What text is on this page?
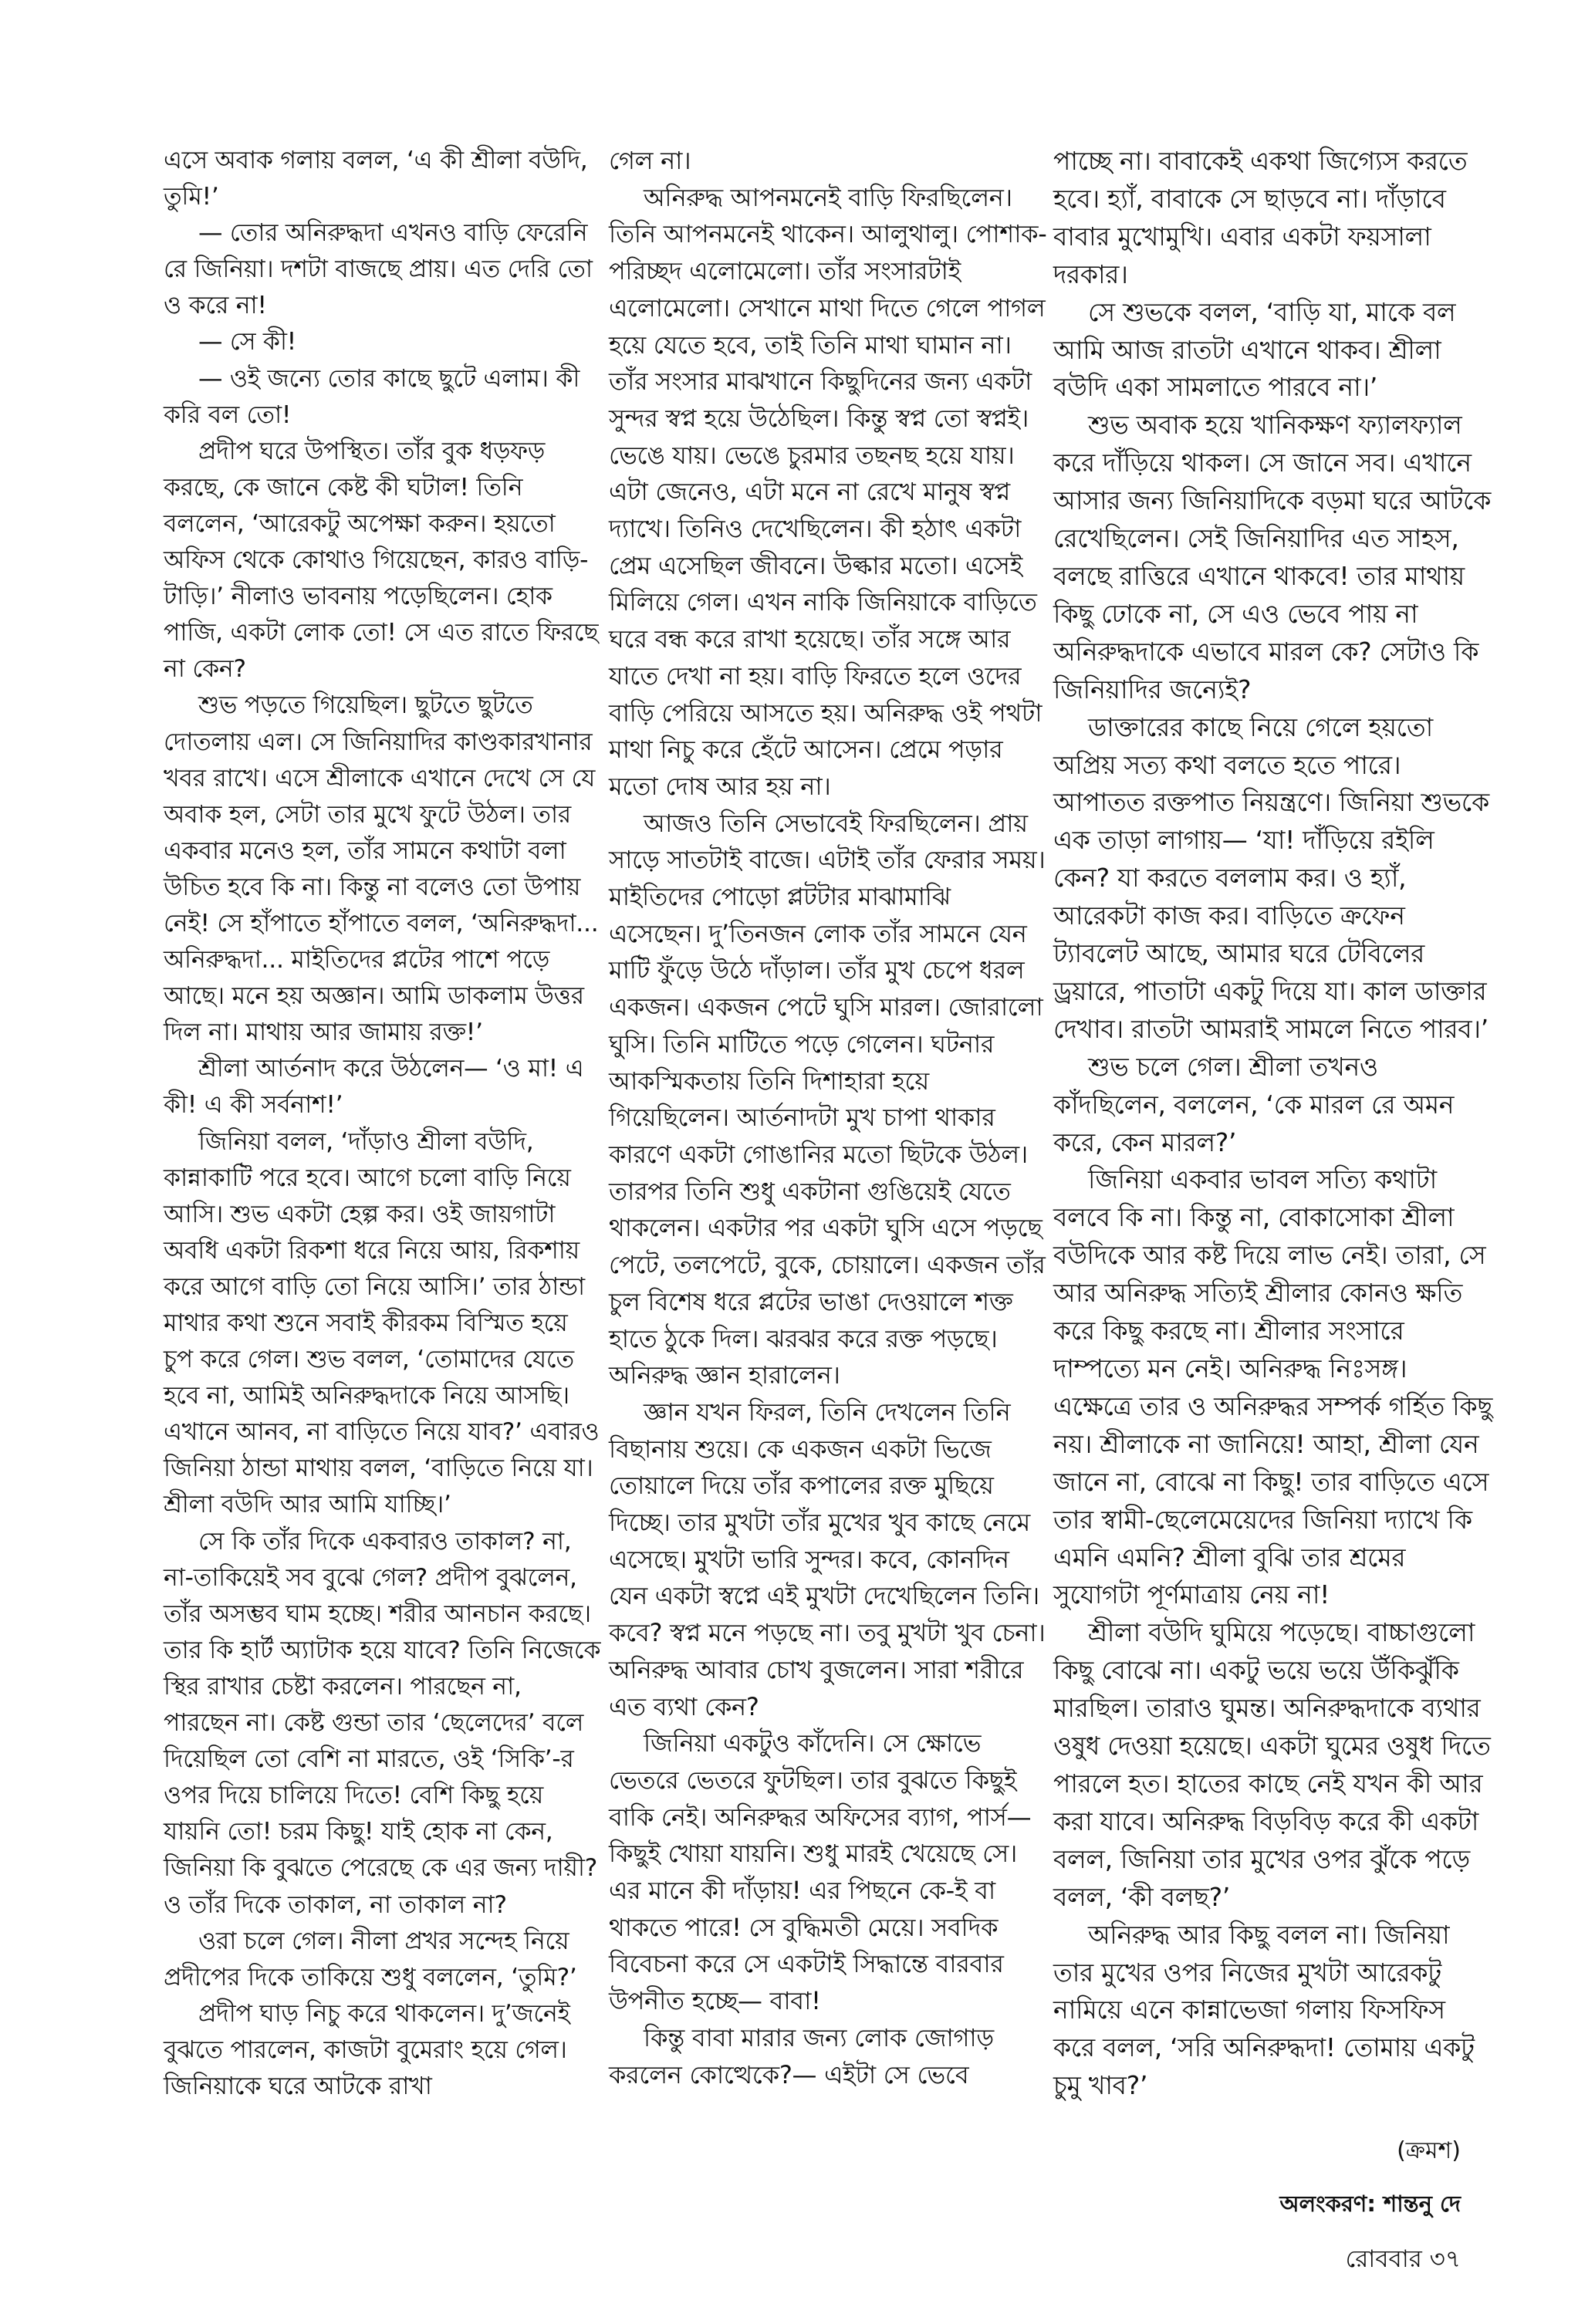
এসে অবাক গলায় বলল, ‘এ কী শ্রীলা বউদি, তুমি!’

— তোর অনিরুদ্ধদা এখনও বাড়ি ফেরেনি রে জিনিয়া। দশটা বাজছে প্রায়। এত দেরি তো ও করে না!

— সে কী!

— ওই জন্যে তোর কাছে ছুটে এলাম। কী করি বল তো!

প্রদীপ ঘরে উপস্থিত। তাঁর বুক ধড়ফড় করছে, কে জানে কেষ্ট কী ঘটাল! তিনি বললেন, ‘আরেকটু অপেক্ষা করুন। হয়তো অফিস থেকে কোথাও গিয়েছেন, কারও বাড়ি-টাড়ি।’ নীলাও ভাবনায় পড়েছিলেন। হোক পাজি, একটা লোক তো! সে এত রাতে ফিরছে না কেন?

শুভ পড়তে গিয়েছিল। ছুটতে ছুটতে দোতলায় এল। সে জিনিয়াদির কাণ্ডকারখানার খবর রাখে। এসে শ্রীলাকে এখানে দেখে সে যে অবাক হল, সেটা তার মুখে ফুটে উঠল। তার একবার মনেও হল, তাঁর সামনে কথাটা বলা উচিত হবে কি না। কিন্তু না বলেও তো উপায় নেই! সে হাঁপাতে হাঁপাতে বলল, ‘অনিরুদ্ধদা... অনিরুদ্ধদা... মাইতিদের প্লটের পাশে পড়ে আছে। মনে হয় অজ্ঞান। আমি ডাকলাম উত্তর দিল না। মাথায় আর জামায় রক্ত!’

শ্রীলা আর্তনাদ করে উঠলেন— ‘ও মা! এ কী! এ কী সর্বনাশ!’

জিনিয়া বলল, ‘দাঁড়াও শ্রীলা বউদি, কান্নাকাটি পরে হবে। আগে চলো বাড়ি নিয়ে আসি। শুভ একটা হেল্প কর। ওই জায়গাটা অবধি একটা রিকশা ধরে নিয়ে আয়, রিকশায় করে আগে বাড়ি তো নিয়ে আসি।’ তার ঠান্ডা মাথার কথা শুনে সবাই কীরকম বিস্মিত হয়ে চুপ করে গেল। শুভ বলল, ‘তোমাদের যেতে হবে না, আমিই অনিরুদ্ধদাকে নিয়ে আসছি। এখানে আনব, না বাড়িতে নিয়ে যাব?’ এবারও জিনিয়া ঠান্ডা মাথায় বলল, ‘বাড়িতে নিয়ে যা। শ্রীলা বউদি আর আমি যাচ্ছি।’

সে কি তাঁর দিকে একবারও তাকাল? না, না-তাকিয়েই সব বুঝে গেল? প্রদীপ বুঝলেন, তাঁর অসম্ভব ঘাম হচ্ছে। শরীর আনচান করছে। তার কি হার্ট অ্যাটাক হয়ে যাবে? তিনি নিজেকে স্থির রাখার চেষ্টা করলেন। পারছেন না, পারছেন না। কেষ্ট গুন্ডা তার ‘ছেলেদের’ বলে দিয়েছিল তো বেশি না মারতে, ওই ‘সিকি’-র ওপর দিয়ে চালিয়ে দিতে! বেশি কিছু হয়ে যায়নি তো! চরম কিছু! যাই হোক না কেন, জিনিয়া কি বুঝতে পেরেছে কে এর জন্য দায়ী? ও তাঁর দিকে তাকাল, না তাকাল না?

ওরা চলে গেল। নীলা প্রখর সন্দেহ নিয়ে প্রদীপের দিকে তাকিয়ে শুধু বললেন, ‘তুমি?’

প্রদীপ ঘাড় নিচু করে থাকলেন। দু’জনেই বুঝতে পারলেন, কাজটা বুমেরাং হয়ে গেল। জিনিয়াকে ঘরে আটকে রাখা

গেল না।

অনিরুদ্ধ আপনমনেই বাড়ি ফিরছিলেন। তিনি আপনমনেই থাকেন। আলুথালু। পোশাক-পরিচ্ছদ এলোমেলো। তাঁর সংসারটাই এলোমেলো। সেখানে মাথা দিতে গেলে পাগল হয়ে যেতে হবে, তাই তিনি মাথা ঘামান না। তাঁর সংসার মাঝখানে কিছুদিনের জন্য একটা সুন্দর স্বপ্ন হয়ে উঠেছিল। কিন্তু স্বপ্ন তো স্বপ্নই। ভেঙে যায়। ভেঙে চুরমার তছনছ হয়ে যায়। এটা জেনেও, এটা মনে না রেখে মানুষ স্বপ্ন দ্যাখে। তিনিও দেখেছিলেন। কী হঠাৎ একটা প্রেম এসেছিল জীবনে। উল্কার মতো। এসেই মিলিয়ে গেল। এখন নাকি জিনিয়াকে বাড়িতে ঘরে বন্ধ করে রাখা হয়েছে। তাঁর সঙ্গে আর যাতে দেখা না হয়। বাড়ি ফিরতে হলে ওদের বাড়ি পেরিয়ে আসতে হয়। অনিরুদ্ধ ওই পথটা মাথা নিচু করে হেঁটে আসেন। প্রেমে পড়ার মতো দোষ আর হয় না।

আজও তিনি সেভাবেই ফিরছিলেন। প্রায় সাড়ে সাতটাই বাজে। এটাই তাঁর ফেরার সময়। মাইতিদের পোড়ো প্লটটার মাঝামাঝি এসেছেন। দু’তিনজন লোক তাঁর সামনে যেন মাটি ফুঁড়ে উঠে দাঁড়াল। তাঁর মুখ চেপে ধরল একজন। একজন পেটে ঘুসি মারল। জোরালো ঘুসি। তিনি মাটিতে পড়ে গেলেন। ঘটনার আকস্মিকতায় তিনি দিশাহারা হয়ে গিয়েছিলেন। আর্তনাদটা মুখ চাপা থাকার কারণে একটা গোঙানির মতো ছিটকে উঠল। তারপর তিনি শুধু একটানা গুঙিয়েই যেতে থাকলেন। একটার পর একটা ঘুসি এসে পড়ছে পেটে, তলপেটে, বুকে, চোয়ালে। একজন তাঁর চুল বিশেষ ধরে প্লটের ভাঙা দেওয়ালে শক্ত হাতে ঠুকে দিল। ঝরঝর করে রক্ত পড়ছে। অনিরুদ্ধ জ্ঞান হারালেন।

জ্ঞান যখন ফিরল, তিনি দেখলেন তিনি বিছানায় শুয়ে। কে একজন একটা ভিজে তোয়ালে দিয়ে তাঁর কপালের রক্ত মুছিয়ে দিচ্ছে। তার মুখটা তাঁর মুখের খুব কাছে নেমে এসেছে। মুখটা ভারি সুন্দর। কবে, কোনদিন যেন একটা স্বপ্নে এই মুখটা দেখেছিলেন তিনি। কবে? স্বপ্ন মনে পড়ছে না। তবু মুখটা খুব চেনা। অনিরুদ্ধ আবার চোখ বুজলেন। সারা শরীরে এত ব্যথা কেন?

জিনিয়া একটুও কাঁদেনি। সে ক্ষোভে ভেতরে ভেতরে ফুটছিল। তার বুঝতে কিছুই বাকি নেই। অনিরুদ্ধর অফিসের ব্যাগ, পার্স— কিছুই খোয়া যায়নি। শুধু মারই খেয়েছে সে। এর মানে কী দাঁড়ায়! এর পিছনে কে-ই বা থাকতে পারে! সে বুদ্ধিমতী মেয়ে। সবদিক বিবেচনা করে সে একটাই সিদ্ধান্তে বারবার উপনীত হচ্ছে— বাবা!

কিন্তু বাবা মারার জন্য লোক জোগাড় করলেন কোত্থেকে?— এইটা সে ভেবে

পাচ্ছে না। বাবাকেই একথা জিগ্যেস করতে হবে। হ্যাঁ, বাবাকে সে ছাড়বে না। দাঁড়াবে বাবার মুখোমুখি। এবার একটা ফয়সালা দরকার।

সে শুভকে বলল, ‘বাড়ি যা, মাকে বল আমি আজ রাতটা এখানে থাকব। শ্রীলা বউদি একা সামলাতে পারবে না।’

শুভ অবাক হয়ে খানিকক্ষণ ফ্যালফ্যাল করে দাঁড়িয়ে থাকল। সে জানে সব। এখানে আসার জন্য জিনিয়াদিকে বড়মা ঘরে আটকে রেখেছিলেন। সেই জিনিয়াদির এত সাহস, বলছে রাত্তিরে এখানে থাকবে! তার মাথায় কিছু ঢোকে না, সে এও ভেবে পায় না অনিরুদ্ধদাকে এভাবে মারল কে? সেটাও কি জিনিয়াদির জন্যেই?

ডাক্তারের কাছে নিয়ে গেলে হয়তো অপ্রিয় সত্য কথা বলতে হতে পারে। আপাতত রক্তপাত নিয়ন্ত্রণে। জিনিয়া শুভকে এক তাড়া লাগায়— ‘যা! দাঁড়িয়ে রইলি কেন? যা করতে বললাম কর। ও হ্যাঁ, আরেকটা কাজ কর। বাড়িতে ক্রফেন ট্যাবলেট আছে, আমার ঘরে টেবিলের ড্রয়ারে, পাতাটা একটু দিয়ে যা। কাল ডাক্তার দেখাব। রাতটা আমরাই সামলে নিতে পারব।’

শুভ চলে গেল। শ্রীলা তখনও কাঁদছিলেন, বললেন, ‘কে মারল রে অমন করে, কেন মারল?’

জিনিয়া একবার ভাবল সত্যি কথাটা বলবে কি না। কিন্তু না, বোকাসোকা শ্রীলা বউদিকে আর কষ্ট দিয়ে লাভ নেই। তারা, সে আর অনিরুদ্ধ সত্যিই শ্রীলার কোনও ক্ষতি করে কিছু করছে না। শ্রীলার সংসারে দাম্পত্যে মন নেই। অনিরুদ্ধ নিঃসঙ্গ। এক্ষেত্রে তার ও অনিরুদ্ধর সম্পর্ক গর্হিত কিছু নয়। শ্রীলাকে না জানিয়ে! আহা, শ্রীলা যেন জানে না, বোঝে না কিছু! তার বাড়িতে এসে তার স্বামী-ছেলেমেয়েদের জিনিয়া দ্যাখে কি এমনি এমনি? শ্রীলা বুঝি তার শ্রমের সুযোগটা পূর্ণমাত্রায় নেয় না!

শ্রীলা বউদি ঘুমিয়ে পড়েছে। বাচ্চাগুলো কিছু বোঝে না। একটু ভয়ে ভয়ে উঁকিঝুঁকি মারছিল। তারাও ঘুমন্ত। অনিরুদ্ধদাকে ব্যথার ওষুধ দেওয়া হয়েছে। একটা ঘুমের ওষুধ দিতে পারলে হত। হাতের কাছে নেই যখন কী আর করা যাবে। অনিরুদ্ধ বিড়বিড় করে কী একটা বলল, জিনিয়া তার মুখের ওপর ঝুঁকে পড়ে বলল, ‘কী বলছ?’

অনিরুদ্ধ আর কিছু বলল না। জিনিয়া তার মুখের ওপর নিজের মুখটা আরেকটু নামিয়ে এনে কান্নাভেজা গলায় ফিসফিস করে বলল, ‘সরি অনিরুদ্ধদা! তোমায় একটু চুমু খাব?’

(ক্রমশ)
অলংকরণ: শান্তনু দে
রোববার ৩৭
